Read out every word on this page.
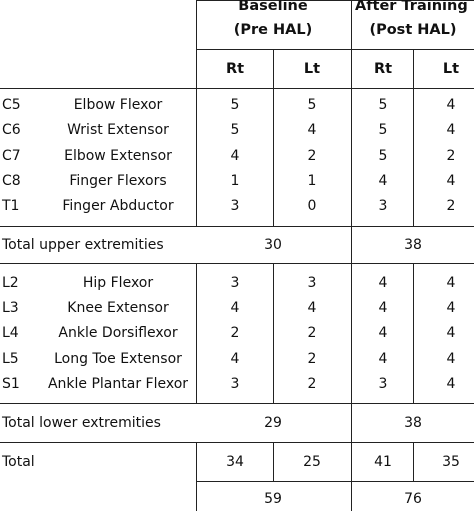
Baseline
(Pre HAL)
After Training
(Post HAL)
Rt	Lt	Rt	Lt
C5	Elbow Flexor	5	5	5	4
C6	Wrist Extensor	5	4	5	4
C7	Elbow Extensor	4	2	5	2
C8	Finger Flexors	1	1	4	4
T1	Finger Abductor	3	0	3	2
Total upper extremities	30	38
L2	Hip Flexor	3	3	4	4
L3	Knee Extensor	4	4	4	4
L4	Ankle Dorsiflexor	2	2	4	4
L5	Long Toe Extensor	4	2	4	4
S1 Ankle Plantar Flexor	3	2	3	4
Total lower extremities	29	38
Total	34	25	41	35
59	76
